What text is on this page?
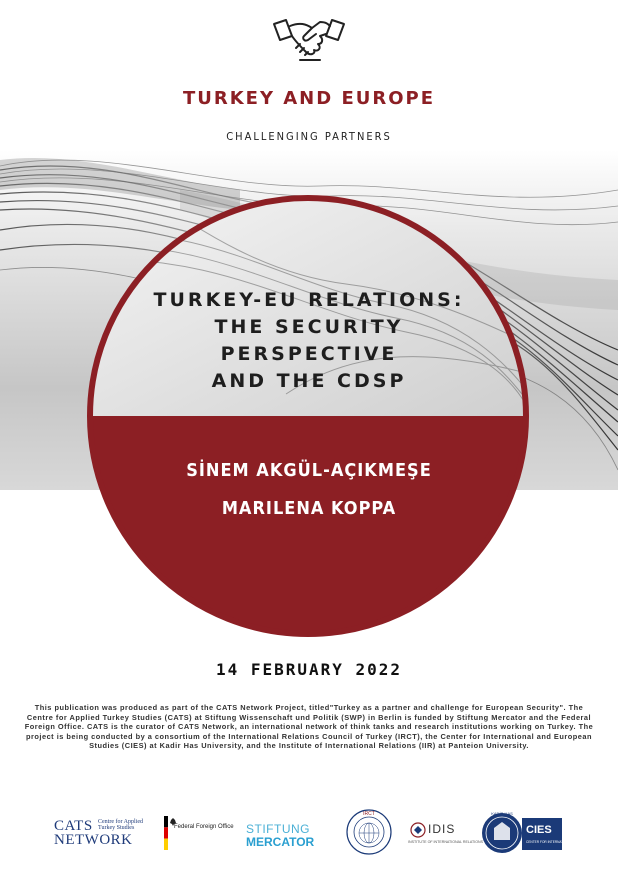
TURKEY AND EUROPE
CHALLENGING PARTNERS
TURKEY-EU RELATIONS:
THE SECURITY
PERSPECTIVE
AND THE CDSP
SİNEM AKGÜL-AÇIKMEŞE
MARILENA KOPPA
14 FEBRUARY 2022
This publication was produced as part of the CATS Network Project, titled"Turkey as a partner and challenge for European Security". The Centre for Applied Turkey Studies (CATS) at Stiftung Wissenschaft und Politik (SWP) in Berlin is funded by Stiftung Mercator and the Federal Foreign Office. CATS is the curator of CATS Network, an international network of think tanks and research institutions working on Turkey. The project is being conducted by a consortium of the International Relations Council of Turkey (IRCT), the Center for International and European Studies (CIES) at Kadir Has University, and the Institute of International Relations (IIR) at Panteion University.
CATS
NETWORK
Centre for Applied Turkey Studies	Federal Foreign Office STIFTUNG
MERCATOR
IRCT
IDIS
INSTITUTE OF INTERNATIONAL RELATIONS
KADİR HAS
CIES
CENTER FOR INTERNATIONAL AND EUROPEAN STUDIES
